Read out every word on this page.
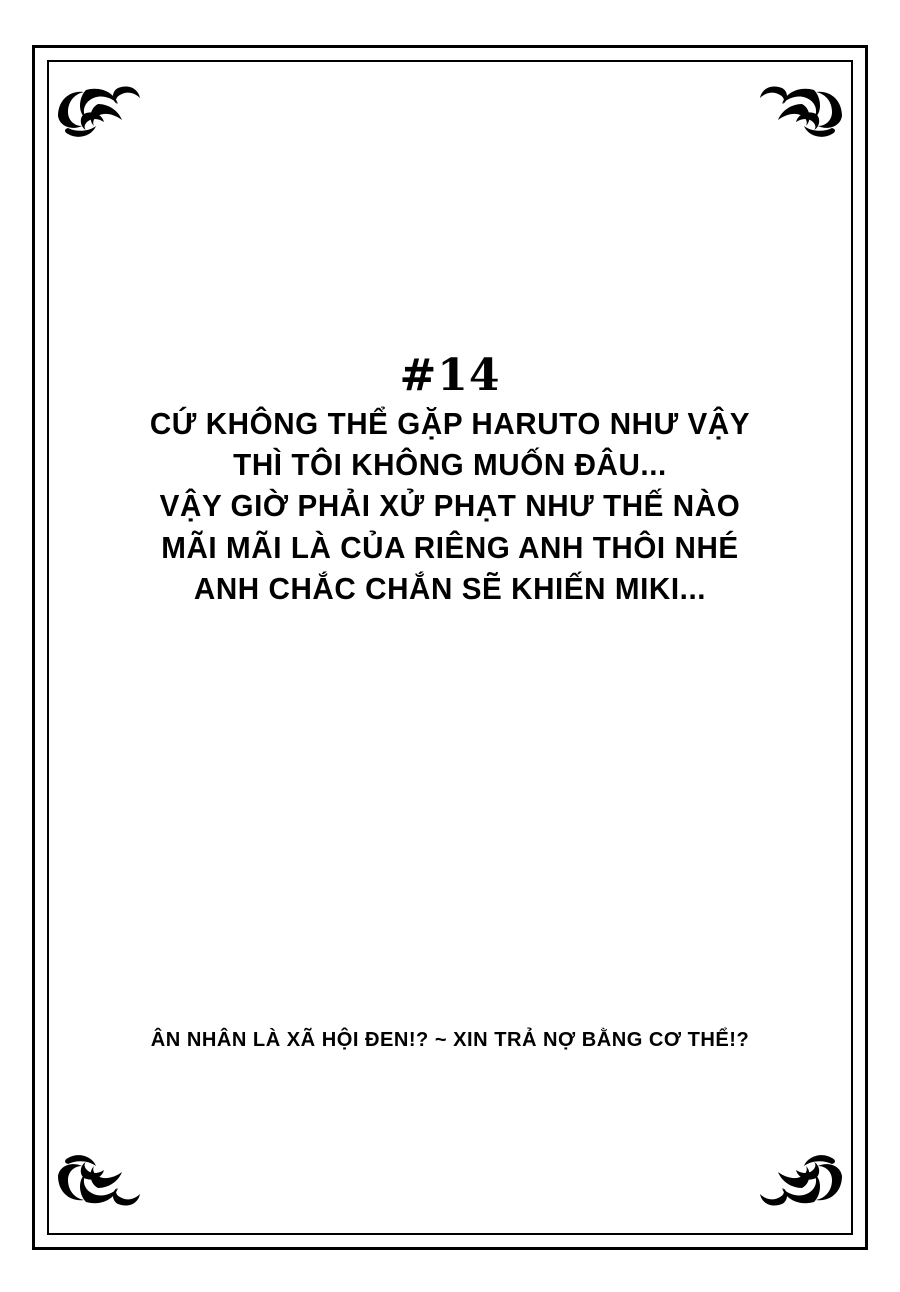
#14
CỨ KHÔNG THỂ GẶP HARUTO NHƯ VẬY
THÌ TÔI KHÔNG MUỐN ĐÂU...
VẬY GIỜ PHẢI XỬ PHẠT NHƯ THẾ NÀO
MÃI MÃI LÀ CỦA RIÊNG ANH THÔI NHÉ
ANH CHẮC CHẮN SẼ KHIẾN MIKI...
ÂN NHÂN LÀ XÃ HỘI ĐEN!? ~ XIN TRẢ NỢ BẰNG CƠ THỂ!?
